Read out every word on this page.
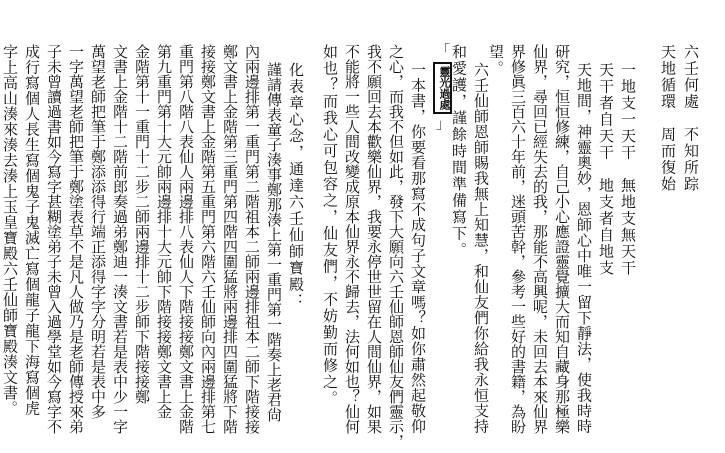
六壬何處　不知所踪
天地循環　周而復始
一地支一天干　無地支無天干
天干者自天干　地支者自地支
天地間，神靈奧妙，恩師心中唯一留下靜法，使我時時
研究，恒恒修練，自己小心應證靈覺擴大而知自藏身那極樂
仙界，尋回已經失去的我，那能不高興呢，未回去本來仙界
界修眞三百六十年前，迷頭苦幹，參考一些好的書籍，為盼
望。
六壬仙師恩師賜我無上知慧，和仙友們你給我永恒支持
和愛護，謹餘時間準備寫下。
「
靈光過處
」
一本書，你要看那寫不成句子文章嗎？如你肅然起敬仰
之心，而我不但如此，發下大願向六壬仙師恩師仙友們靈示，
我不願回去本歡樂仙界，我要永停世世留在人間仙界，如果
不能將一些人間改變成原本仙界永不歸去，法何如也？仙何
如也？而我心可包容之，仙友們，不妨勤而修之。
化表章心念，通達六壬仙師寶殿：
謹請傳表童子湊事鄭那湊上第一重門第一階奏上老君尙
內兩邊排第一重門第二階祖本二師兩邊排祖本二師下階接接
鄭文書上金階第三重門第四階四圍猛將兩邊排四圍猛將下階
接接鄭文書上金階第五重門第六階六壬仙師向內兩邊排第七
重門第八階八表仙人兩邊排八表仙人下階接接鄭文書上金階
第九重門第十大元帥兩邊排十大元帥下階接接鄭文書上金
金階第十一重門十二步二師兩邊排十二步師下階接接鄭
文書上金階十二階前郎奏過弟鄭迪一湊文書若是表中少一字
萬望老師把筆于鄭添添得行端正添得字字分明若是表中多
一字萬望老師把筆于鄭塗表草不是凡人做乃是老師傳授來弟
子未曾讀過書如今寫字甚糊塗弟子未曾入過學堂如今寫字不
成行寫個人長生寫個鬼子鬼滅亡寫個龍子龍下海寫個虎
字上高山湊來湊去湊上玉皇寶殿六壬仙師寶殿湊文書。
